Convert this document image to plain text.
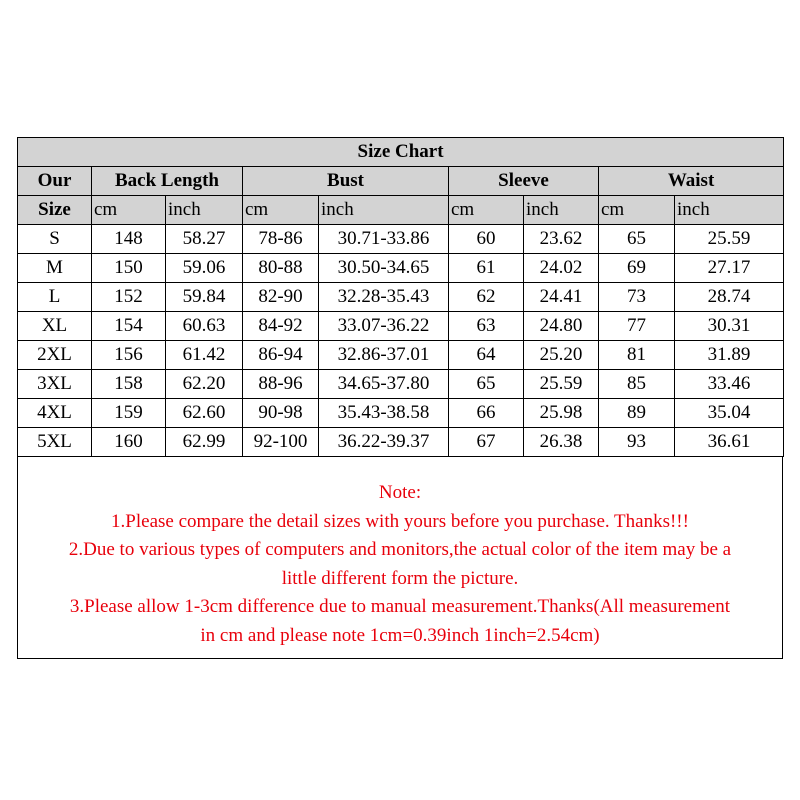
Size Chart								
Our	Back Length		Bust		Sleeve		Waist	
Size	cm	inch	cm	inch	cm	inch	cm	inch
S	148	58.27	78-86	30.71-33.86	60	23.62	65	25.59
M	150	59.06	80-88	30.50-34.65	61	24.02	69	27.17
L	152	59.84	82-90	32.28-35.43	62	24.41	73	28.74
XL	154	60.63	84-92	33.07-36.22	63	24.80	77	30.31
2XL	156	61.42	86-94	32.86-37.01	64	25.20	81	31.89
3XL	158	62.20	88-96	34.65-37.80	65	25.59	85	33.46
4XL	159	62.60	90-98	35.43-38.58	66	25.98	89	35.04
5XL	160	62.99	92-100	36.22-39.37	67	26.38	93	36.61

Note:

1.Please compare the detail sizes with yours before you purchase. Thanks!!!

2.Due to various types of computers and monitors,the actual color of the item may be a

little different form the picture.

3.Please allow 1-3cm difference due to manual measurement.Thanks(All measurement

in cm and please note 1cm=0.39inch 1inch=2.54cm)
